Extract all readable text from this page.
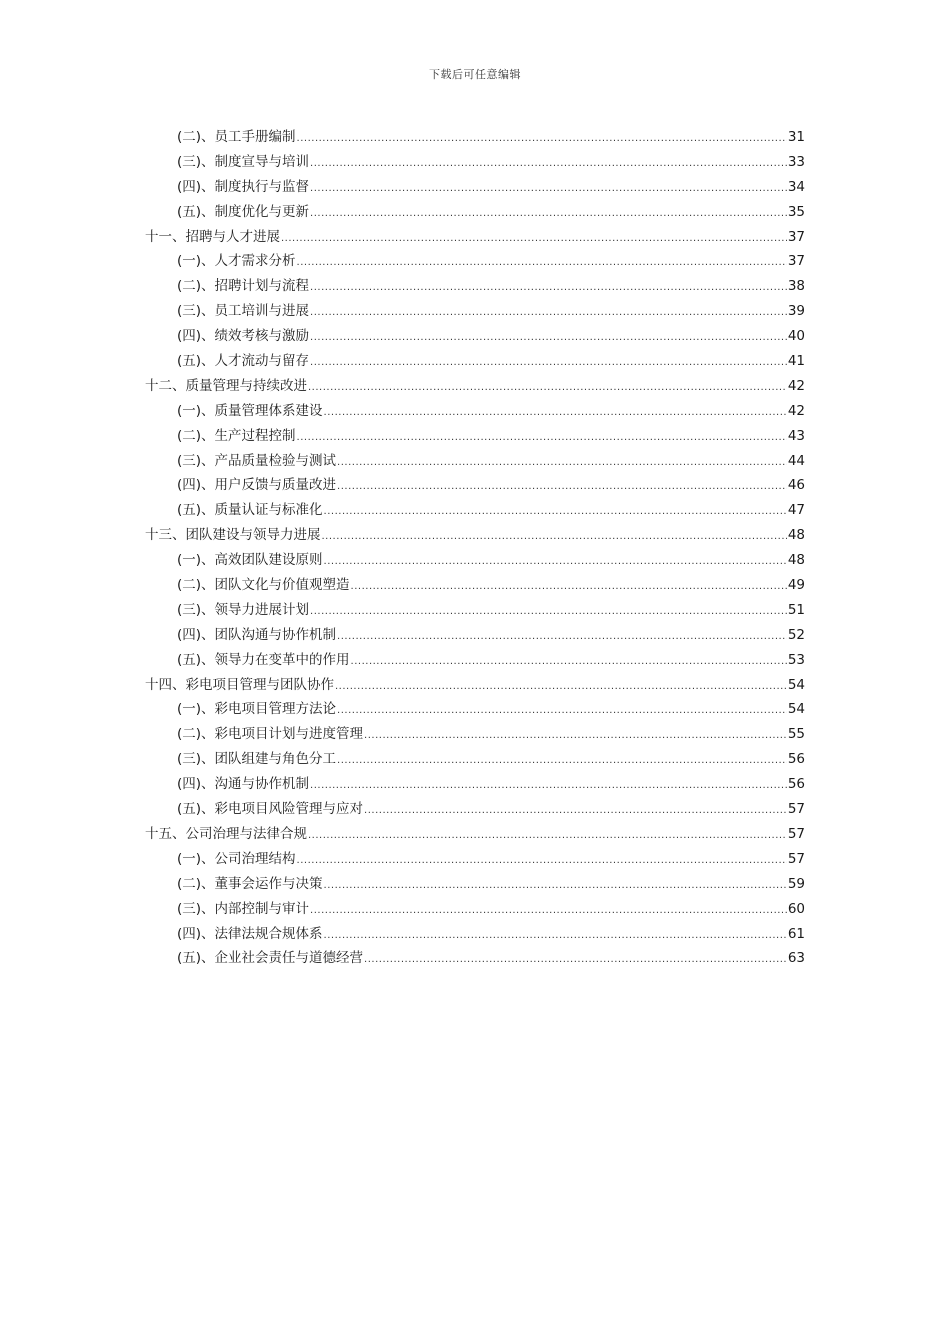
下载后可任意编辑
(二)、员工手册编制 .....	31
(三)、制度宣导与培训 .....	33
(四)、制度执行与监督 .....	34
(五)、制度优化与更新 .....	35
十一、招聘与人才进展 .....	37
(一)、人才需求分析 .....	37
(二)、招聘计划与流程 .....	38
(三)、员工培训与进展 .....	39
(四)、绩效考核与激励 .....	40
(五)、人才流动与留存 .....	41
十二、质量管理与持续改进 .....	42
(一)、质量管理体系建设 .....	42
(二)、生产过程控制 .....	43
(三)、产品质量检验与测试 .....	44
(四)、用户反馈与质量改进 .....	46
(五)、质量认证与标准化 .....	47
十三、团队建设与领导力进展 .....	48
(一)、高效团队建设原则 .....	48
(二)、团队文化与价值观塑造 .....	49
(三)、领导力进展计划 .....	51
(四)、团队沟通与协作机制 .....	52
(五)、领导力在变革中的作用 .....	53
十四、彩电项目管理与团队协作 .....	54
(一)、彩电项目管理方法论 .....	54
(二)、彩电项目计划与进度管理 .....	55
(三)、团队组建与角色分工 .....	56
(四)、沟通与协作机制 .....	56
(五)、彩电项目风险管理与应对 .....	57
十五、公司治理与法律合规 .....	57
(一)、公司治理结构 .....	57
(二)、董事会运作与决策 .....	59
(三)、内部控制与审计 .....	60
(四)、法律法规合规体系 .....	61
(五)、企业社会责任与道德经营 .....	63
